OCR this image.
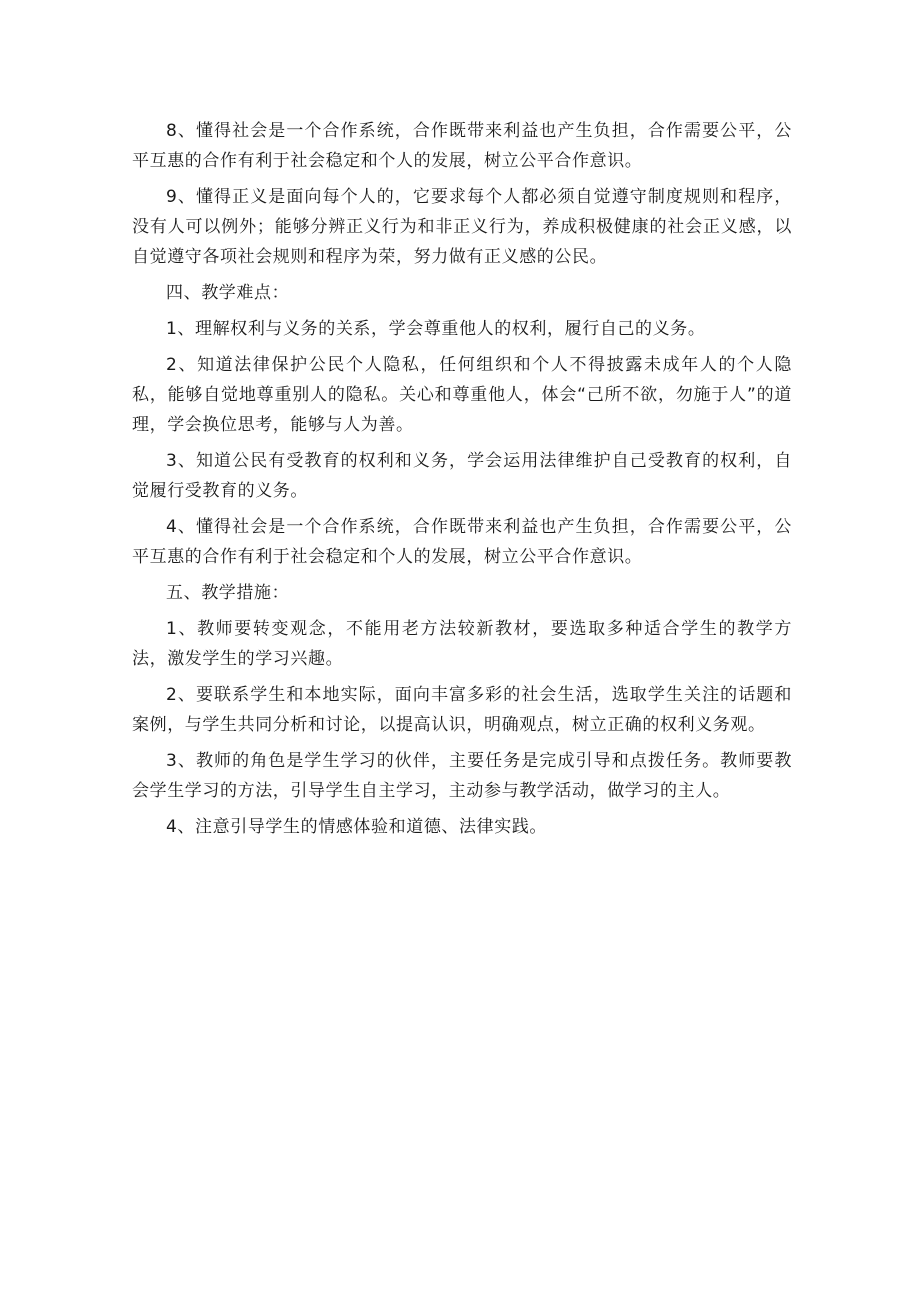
8、懂得社会是一个合作系统，合作既带来利益也产生负担，合作需要公平，公平互惠的合作有利于社会稳定和个人的发展，树立公平合作意识。

9、懂得正义是面向每个人的，它要求每个人都必须自觉遵守制度规则和程序，没有人可以例外；能够分辨正义行为和非正义行为，养成积极健康的社会正义感，以自觉遵守各项社会规则和程序为荣，努力做有正义感的公民。

四、教学难点：

1、理解权利与义务的关系，学会尊重他人的权利，履行自己的义务。

2、知道法律保护公民个人隐私，任何组织和个人不得披露未成年人的个人隐私，能够自觉地尊重别人的隐私。关心和尊重他人，体会“己所不欲，勿施于人”的道理，学会换位思考，能够与人为善。

3、知道公民有受教育的权利和义务，学会运用法律维护自己受教育的权利，自觉履行受教育的义务。

4、懂得社会是一个合作系统，合作既带来利益也产生负担，合作需要公平，公平互惠的合作有利于社会稳定和个人的发展，树立公平合作意识。

五、教学措施：

1、教师要转变观念，不能用老方法较新教材，要选取多种适合学生的教学方法，激发学生的学习兴趣。

2、要联系学生和本地实际，面向丰富多彩的社会生活，选取学生关注的话题和案例，与学生共同分析和讨论，以提高认识，明确观点，树立正确的权利义务观。

3、教师的角色是学生学习的伙伴，主要任务是完成引导和点拨任务。教师要教会学生学习的方法，引导学生自主学习，主动参与教学活动，做学习的主人。

4、注意引导学生的情感体验和道德、法律实践。
